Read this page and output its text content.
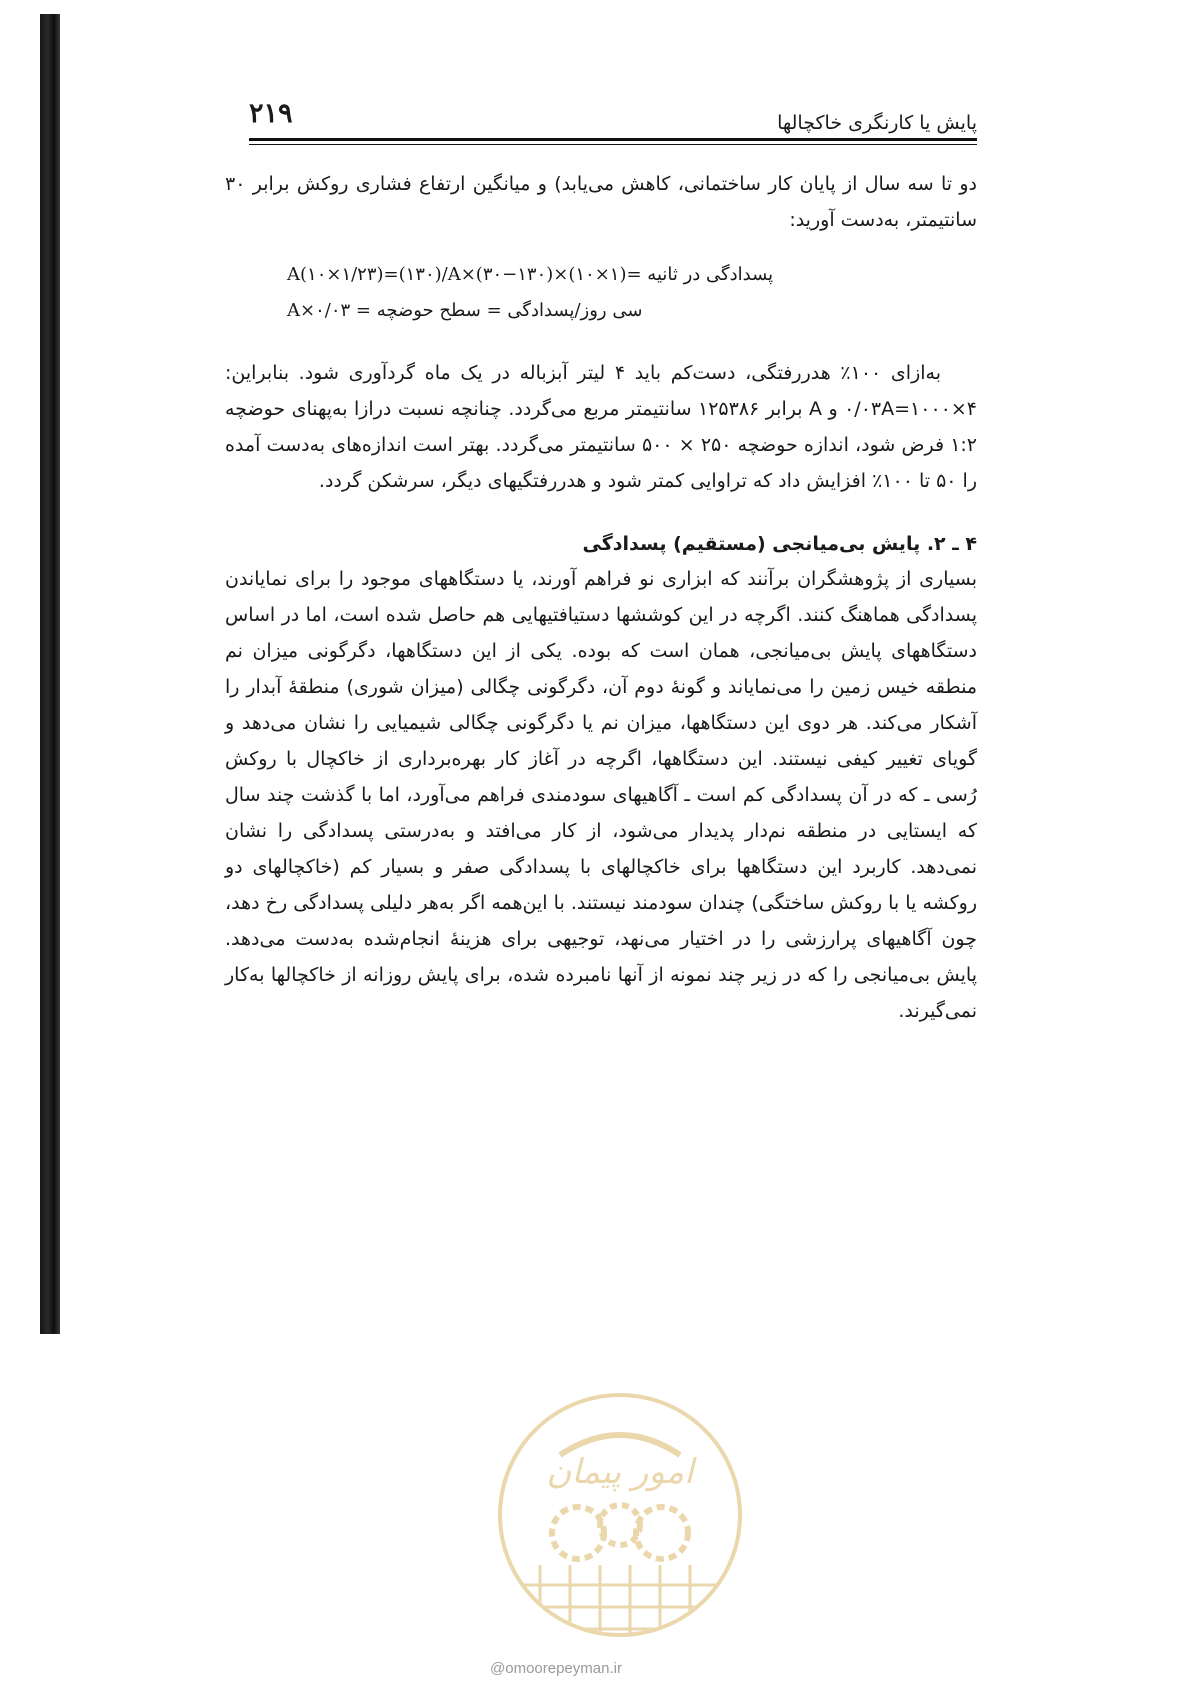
۲۱۹	پایش یا کارنگری خاکچالها

دو تا سه سال از پایان کار ساختمانی، کاهش می‌یابد) و میانگین ارتفاع فشاری روکش برابر ۳۰ سانتیمتر، به‌دست آورید:

A(۱۰×۱/۲۳)=(۱۳۰)/A×(۳۰−۱۳۰)×(۱۰×۱)= پسدادگی در ثانیه
A×۰/۰۳ = سی روز/پسدادگی = سطح حوضچه

به‌ازای ۱۰۰٪ هدررفتگی، دست‌کم باید ۴ لیتر آبزباله در یک ماه گردآوری شود. بنابراین: ۴×۱۰۰۰=۰/۰۳A و A برابر ۱۲۵۳۸۶ سانتیمتر مربع می‌گردد. چنانچه نسبت درازا به‌پهنای حوضچه ۱:۲ فرض شود، اندازه حوضچه ۲۵۰ × ۵۰۰ سانتیمتر می‌گردد. بهتر است اندازه‌های به‌دست آمده را ۵۰ تا ۱۰۰٪ افزایش داد که تراوایی کمتر شود و هدررفتگیهای دیگر، سرشکن گردد.

۴ ـ ۲. پایش بی‌میانجی (مستقیم) پسدادگی

بسیاری از پژوهشگران برآنند که ابزاری نو فراهم آورند، یا دستگاههای موجود را برای نمایاندن پسدادگی هماهنگ کنند. اگرچه در این کوششها دستیافتیهایی هم حاصل شده است، اما در اساس دستگاههای پایش بی‌میانجی، همان است که بوده. یکی از این دستگاهها، دگرگونی میزان نم منطقه خیس زمین را می‌نمایاند و گونهٔ دوم آن، دگرگونی چگالی (میزان شوری) منطقهٔ آبدار را آشکار می‌کند. هر دوی این دستگاهها، میزان نم یا دگرگونی چگالی شیمیایی را نشان می‌دهد و گویای تغییر کیفی نیستند. این دستگاهها، اگرچه در آغاز کار بهره‌برداری از خاکچال با روکش رُسی ـ که در آن پسدادگی کم است ـ آگاهیهای سودمندی فراهم می‌آورد، اما با گذشت چند سال که ایستایی در منطقه نم‌دار پدیدار می‌شود، از کار می‌افتد و به‌درستی پسدادگی را نشان نمی‌دهد. کاربرد این دستگاهها برای خاکچالهای با پسدادگی صفر و بسیار کم (خاکچالهای دو روکشه یا با روکش ساختگی) چندان سودمند نیستند. با این‌همه اگر به‌هر دلیلی پسدادگی رخ دهد، چون آگاهیهای پرارزشی را در اختیار می‌نهد، توجیهی برای هزینهٔ انجام‌شده به‌دست می‌دهد. پایش بی‌میانجی را که در زیر چند نمونه از آنها نامبرده شده، برای پایش روزانه از خاکچالها به‌کار نمی‌گیرند.

امور پیمان
@omoorepeyman.ir
